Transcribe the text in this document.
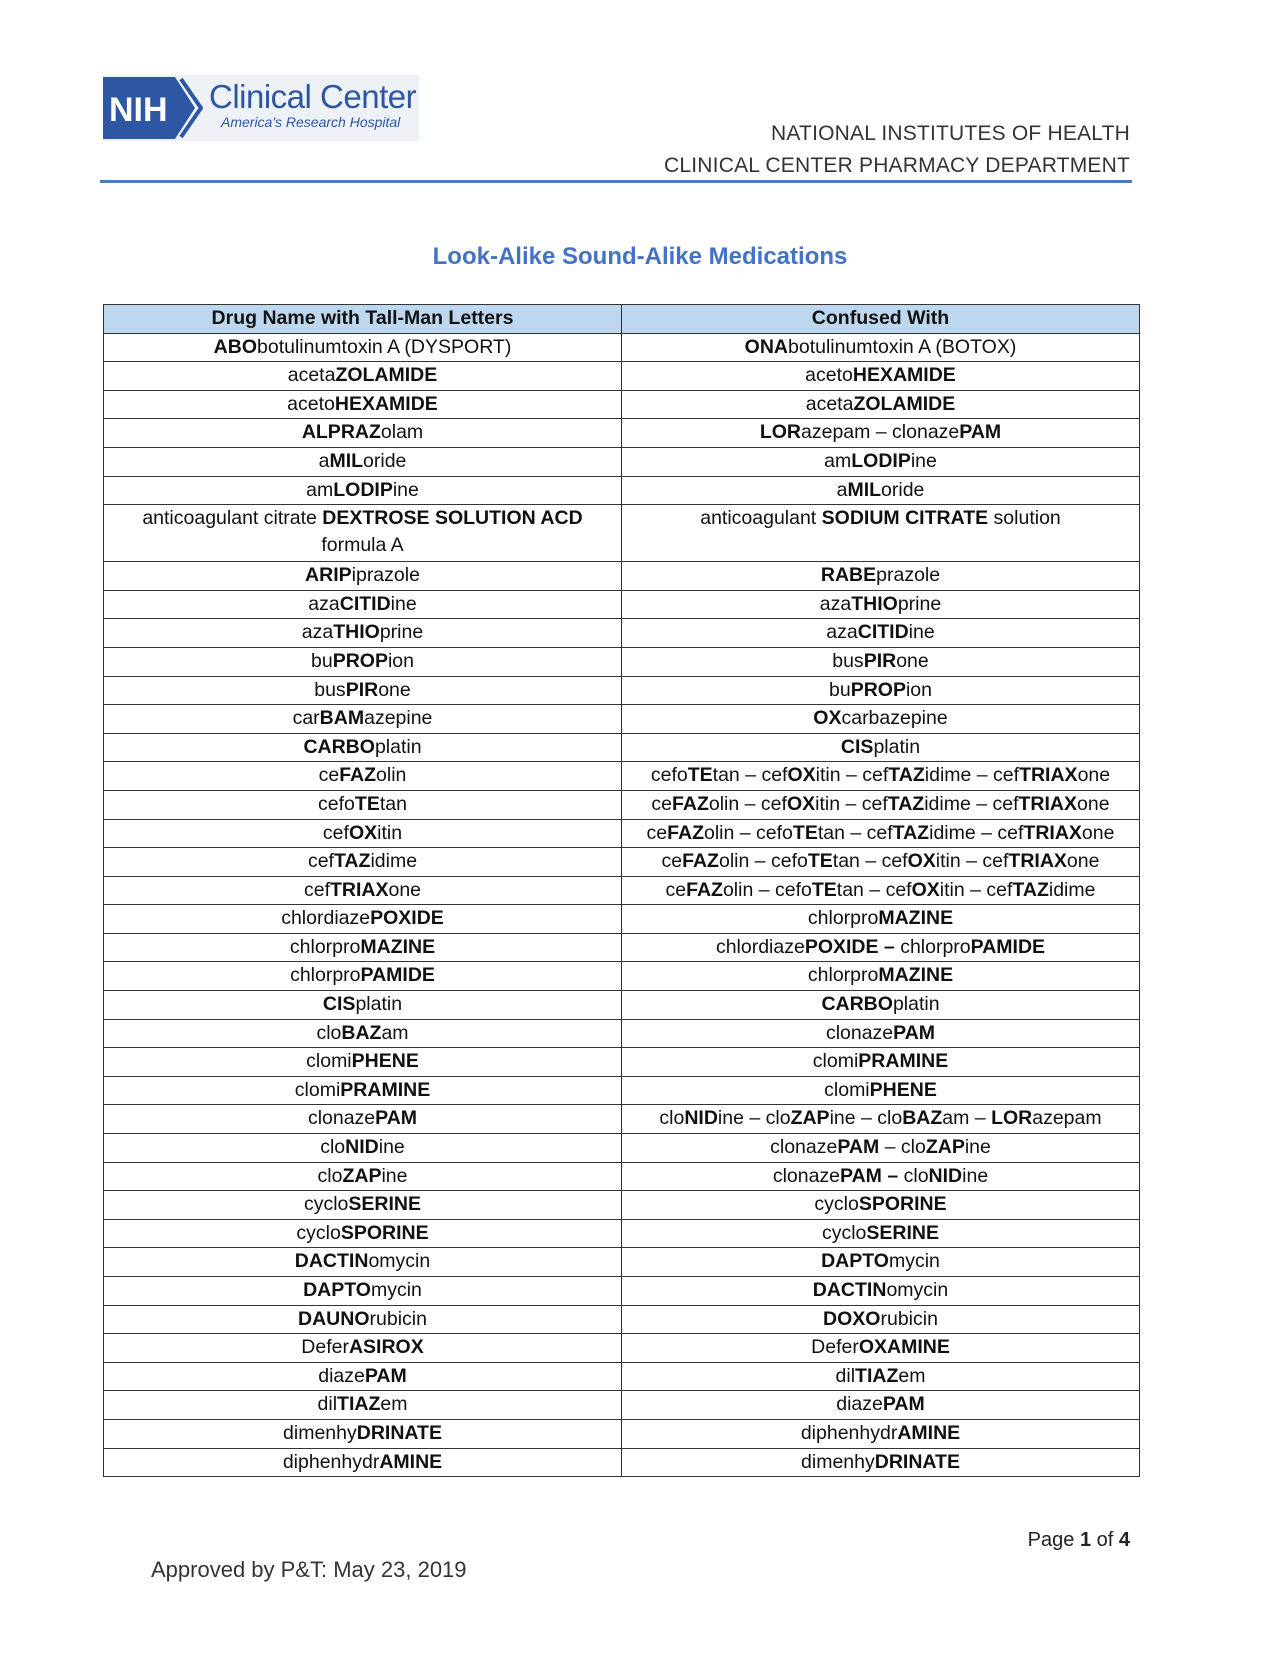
NIH Clinical Center
America's Research Hospital	NATIONAL INSTITUTES OF HEALTH
CLINICAL CENTER PHARMACY DEPARTMENT
Look-Alike Sound-Alike Medications
Drug Name with Tall-Man Letters	Confused With
ABObotulinumtoxin A (DYSPORT)	ONAbotulinumtoxin A (BOTOX)
acetaZOLAMIDE	acetoHEXAMIDE
acetoHEXAMIDE	acetaZOLAMIDE
ALPRAZolam	LORazepam – clonazePAM
aMILoride	amLODIPine
amLODIPine	aMILoride
anticoagulant citrate DEXTROSE SOLUTION ACD formula A	anticoagulant SODIUM CITRATE solution
ARIPiprazole	RABEprazole
azaCITIDine	azaTHIOprine
azaTHIOprine	azaCITIDine
buPROPion	busPIRone
busPIRone	buPROPion
carBAMazepine	OXcarbazepine
CARBOplatin	CISplatin
ceFAZolin	cefoTEtan – cefOXitin – cefTAZidime – cefTRIAXone
cefoTEtan	ceFAZolin – cefOXitin – cefTAZidime – cefTRIAXone
cefOXitin	ceFAZolin – cefoTEtan – cefTAZidime – cefTRIAXone
cefTAZidime	ceFAZolin – cefoTEtan – cefOXitin – cefTRIAXone
cefTRIAXone	ceFAZolin – cefoTEtan – cefOXitin – cefTAZidime
chlordiazePOXIDE	chlorproMAZINE
chlorproMAZINE	chlordiazePOXIDE – chlorproPAMIDE
chlorproPAMIDE	chlorproMAZINE
CISplatin	CARBOplatin
cloBAZam	clonazePAM
clomiPHENE	clomiPRAMINE
clomiPRAMINE	clomiPHENE
clonazePAM	cloNIDine – cloZAPine – cloBAZam – LORazepam
cloNIDine	clonazePAM – cloZAPine
cloZAPine	clonazePAM – cloNIDine
cycloSERINE	cycloSPORINE
cycloSPORINE	cycloSERINE
DACTINomycin	DAPTOmycin
DAPTOmycin	DACTINomycin
DAUNOrubicin	DOXOrubicin
DeferASIROX	DeferOXAMINE
diazePAM	dilTIAZem
dilTIAZem	diazePAM
dimenhyDRINATE	diphenhydrAMINE
diphenhydrAMINE	dimenhyDRINATE
Page 1 of 4
Approved by P&T: May 23, 2019
